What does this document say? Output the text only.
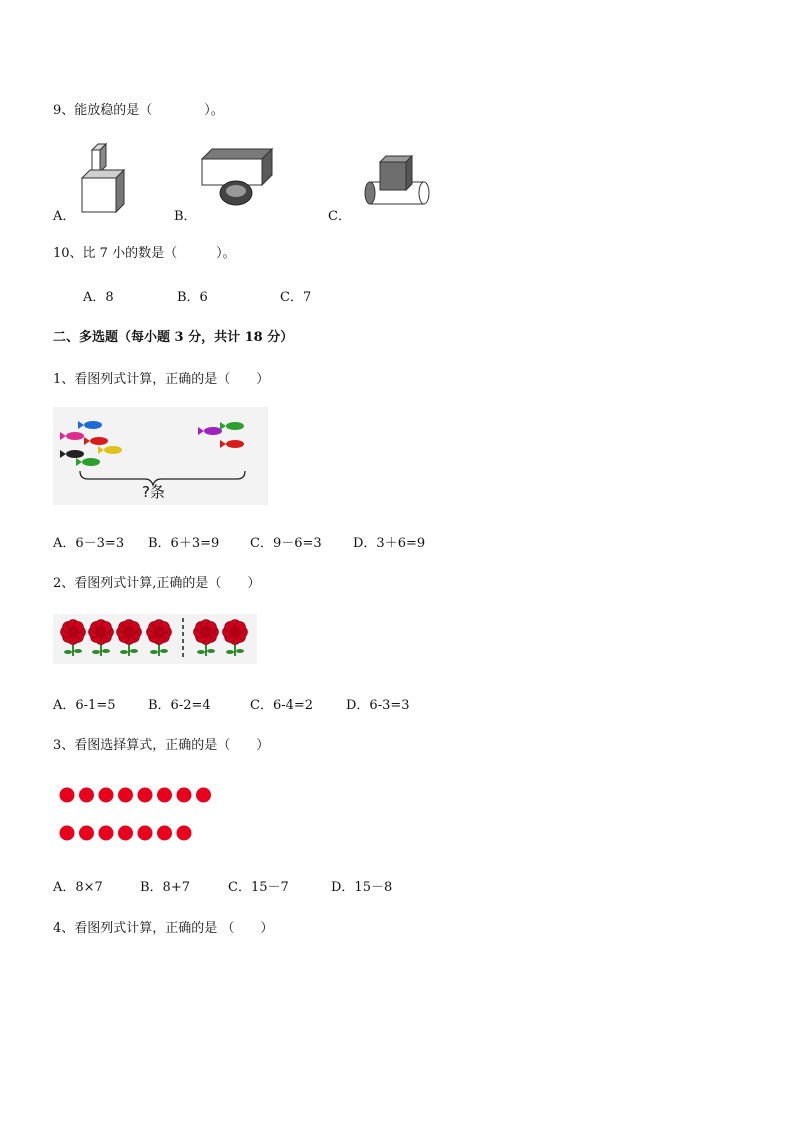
9、能放稳的是（　　　　）。
A．	B．	C．
10、比 7 小的数是（　　　）。
A．8	B．6	C．7
二、多选题（每小题 3 分，共计 18 分）
1、看图列式计算，正确的是（　　）
?条
A．6－3=3 B．6＋3=9 C．9－6=3 D．3＋6=9
2、看图列式计算,正确的是（　　）
A．6-1=5	B．6-2=4	C．6-4=2	D．6-3=3
3、看图选择算式，正确的是（　　）
A．8×7	B．8+7	C．15－7	D．15－8
4、看图列式计算，正确的是 （　　）
